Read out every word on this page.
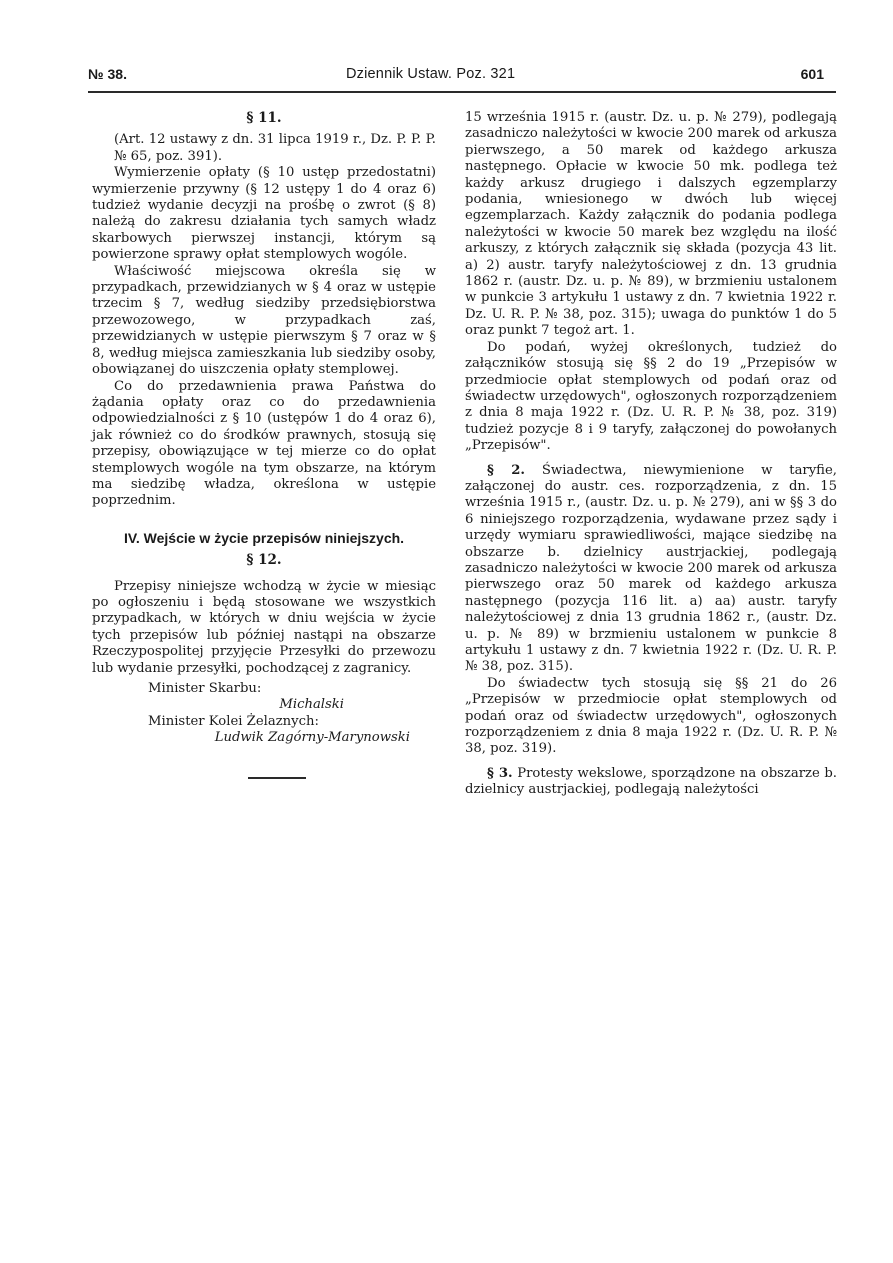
№ 38.	Dziennik Ustaw. Poz. 321	601
§ 11.

(Art. 12 ustawy z dn. 31 lipca 1919 r., Dz. P. P. P. № 65, poz. 391).

Wymierzenie opłaty (§ 10 ustęp przedostatni) wymierzenie przywny (§ 12 ustępy 1 do 4 oraz 6) tudzież wydanie decyzji na prośbę o zwrot (§ 8) należą do zakresu działania tych samych władz skarbowych pierwszej instancji, którym są powierzone sprawy opłat stemplowych wogóle.

Właściwość miejscowa określa się w przypadkach, przewidzianych w § 4 oraz w ustępie trzecim § 7, według siedziby przedsiębiorstwa przewozowego, w przypadkach zaś, przewidzianych w ustępie pierwszym § 7 oraz w § 8, według miejsca zamieszkania lub siedziby osoby, obowiązanej do uiszczenia opłaty stemplowej.

Co do przedawnienia prawa Państwa do żądania opłaty oraz co do przedawnienia odpowiedzialności z § 10 (ustępów 1 do 4 oraz 6), jak również co do środków prawnych, stosują się przepisy, obowiązujące w tej mierze co do opłat stemplowych wogóle na tym obszarze, na którym ma siedzibę władza, określona w ustępie poprzednim.

IV. Wejście w życie przepisów niniejszych.
§ 12.

Przepisy niniejsze wchodzą w życie w miesiąc po ogłoszeniu i będą stosowane we wszystkich przypadkach, w których w dniu wejścia w życie tych przepisów lub później nastąpi na obszarze Rzeczypospolitej przyjęcie Przesyłki do przewozu lub wydanie przesyłki, pochodzącej z zagranicy.

Minister Skarbu:

Michalski

Minister Kolei Żelaznych:

Ludwik Zagórny-Marynowski

15 września 1915 r. (austr. Dz. u. p. № 279), podlegają zasadniczo należytości w kwocie 200 marek od arkusza pierwszego, a 50 marek od każdego arkusza następnego. Opłacie w kwocie 50 mk. podlega też każdy arkusz drugiego i dalszych egzemplarzy podania, wniesionego w dwóch lub więcej egzemplarzach. Każdy załącznik do podania podlega należytości w kwocie 50 marek bez względu na ilość arkuszy, z których załącznik się składa (pozycja 43 lit. a) 2) austr. taryfy należytościowej z dn. 13 grudnia 1862 r. (austr. Dz. u. p. № 89), w brzmieniu ustalonem w punkcie 3 artykułu 1 ustawy z dn. 7 kwietnia 1922 r. Dz. U. R. P. № 38, poz. 315); uwaga do punktów 1 do 5 oraz punkt 7 tegoż art. 1.

Do podań, wyżej określonych, tudzież do załączników stosują się §§ 2 do 19 „Przepisów w przedmiocie opłat stemplowych od podań oraz od świadectw urzędowych", ogłoszonych rozporządzeniem z dnia 8 maja 1922 r. (Dz. U. R. P. № 38, poz. 319) tudzież pozycje 8 i 9 taryfy, załączonej do powołanych „Przepisów".

§ 2. Świadectwa, niewymienione w taryfie, załączonej do austr. ces. rozporządzenia, z dn. 15 września 1915 r., (austr. Dz. u. p. № 279), ani w §§ 3 do 6 niniejszego rozporządzenia, wydawane przez sądy i urzędy wymiaru sprawiedliwości, mające siedzibę na obszarze b. dzielnicy austrjackiej, podlegają zasadniczo należytości w kwocie 200 marek od arkusza pierwszego oraz 50 marek od każdego arkusza następnego (pozycja 116 lit. a) aa) austr. taryfy należytościowej z dnia 13 grudnia 1862 r., (austr. Dz. u. p. № 89) w brzmieniu ustalonem w punkcie 8 artykułu 1 ustawy z dn. 7 kwietnia 1922 r. (Dz. U. R. P. № 38, poz. 315).

Do świadectw tych stosują się §§ 21 do 26 „Przepisów w przedmiocie opłat stemplowych od podań oraz od świadectw urzędowych", ogłoszonych rozporządzeniem z dnia 8 maja 1922 r. (Dz. U. R. P. № 38, poz. 319).

§ 3. Protesty wekslowe, sporządzone na obszarze b. dzielnicy austrjackiej, podlegają należytości
